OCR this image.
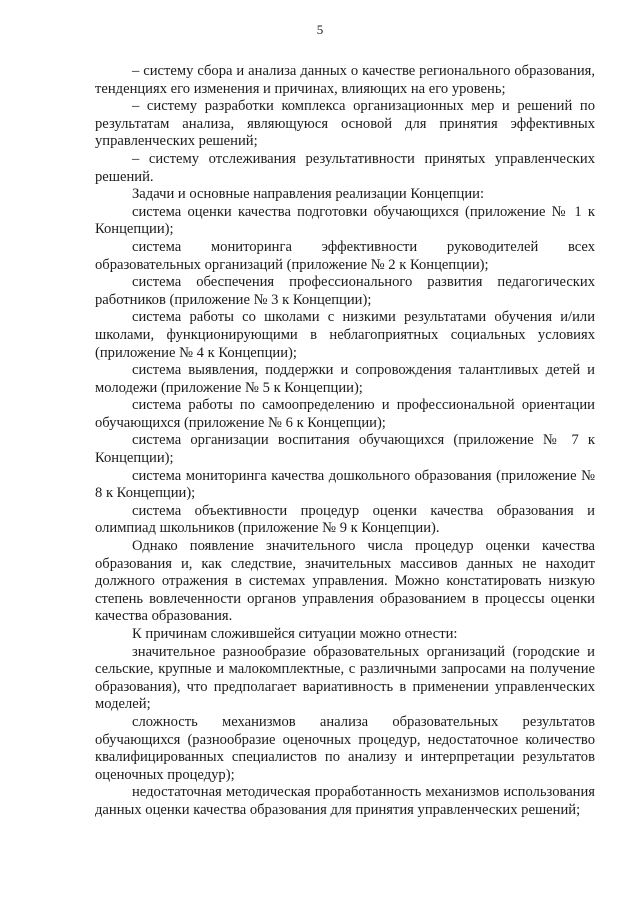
5

– систему сбора и анализа данных о качестве регионального образования, тенденциях его изменения и причинах, влияющих на его уровень;

– систему разработки комплекса организационных мер и решений по результатам анализа, являющуюся основой для принятия эффективных управленческих решений;

– систему отслеживания результативности принятых управленческих решений.

Задачи и основные направления реализации Концепции:

система оценки качества подготовки обучающихся (приложение № 1 к Концепции);

система мониторинга эффективности руководителей всех образовательных организаций (приложение № 2 к Концепции);

система обеспечения профессионального развития педагогических работников (приложение № 3 к Концепции);

система работы со школами с низкими результатами обучения и/или школами, функционирующими в неблагоприятных социальных условиях (приложение № 4 к Концепции);

система выявления, поддержки и сопровождения талантливых детей и молодежи (приложение № 5 к Концепции);

система работы по самоопределению и профессиональной ориентации обучающихся (приложение № 6 к Концепции);

система организации воспитания обучающихся (приложение № 7 к Концепции);

система мониторинга качества дошкольного образования (приложение № 8 к Концепции);

система объективности процедур оценки качества образования и олимпиад школьников (приложение № 9 к Концепции).

Однако появление значительного числа процедур оценки качества образования и, как следствие, значительных массивов данных не находит должного отражения в системах управления. Можно констатировать низкую степень вовлеченности органов управления образованием в процессы оценки качества образования.

К причинам сложившейся ситуации можно отнести:

значительное разнообразие образовательных организаций (городские и сельские, крупные и малокомплектные, с различными запросами на получение образования), что предполагает вариативность в применении управленческих моделей;

сложность механизмов анализа образовательных результатов обучающихся (разнообразие оценочных процедур, недостаточное количество квалифицированных специалистов по анализу и интерпретации результатов оценочных процедур);

недостаточная методическая проработанность механизмов использования данных оценки качества образования для принятия управленческих решений;
